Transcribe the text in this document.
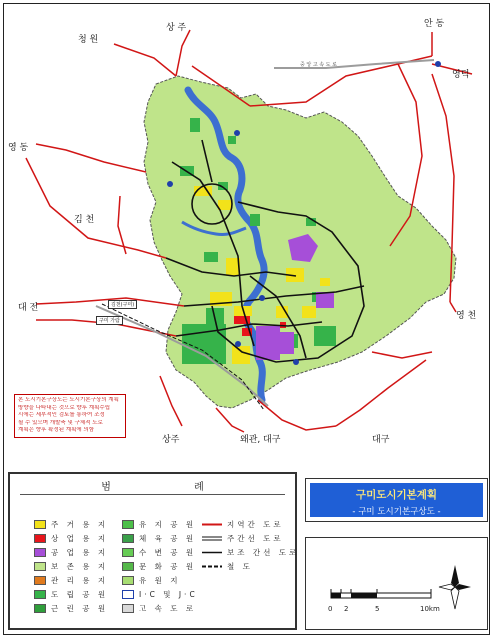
청 원
상 주	안 동
영덕
영 동
김 천
대 전
영 천
상주	왜관, 대구	대구
중 앙 고 속 도 로
김천(구미)
구미 가람
본 도시기본구상도는 도시기본구상의 계획
방향을 나타내는 것으로 향후 계획수립
시에는 세부적인 검토를 통하여 조정
될 수 있으며 개발축 및 구체적 도로
계획은 향후 확정된 계획에 의함
범 례
주 거 용 지
상 업 용 지
공 업 용 지
보 존 용 지
관 리 용 지
도 립 공 원
근 린 공 원
유 지 공 원
체 육 공 원
수 변 공 원
문 화 공 원
유 원 지
I·C 및 J·C
고 속 도 로
지역간 도로
주간선 도로
보조 간선 도로
철 도
구미도시기본계획
- 구미 도시기본구상도 -
0 2	5	10km
